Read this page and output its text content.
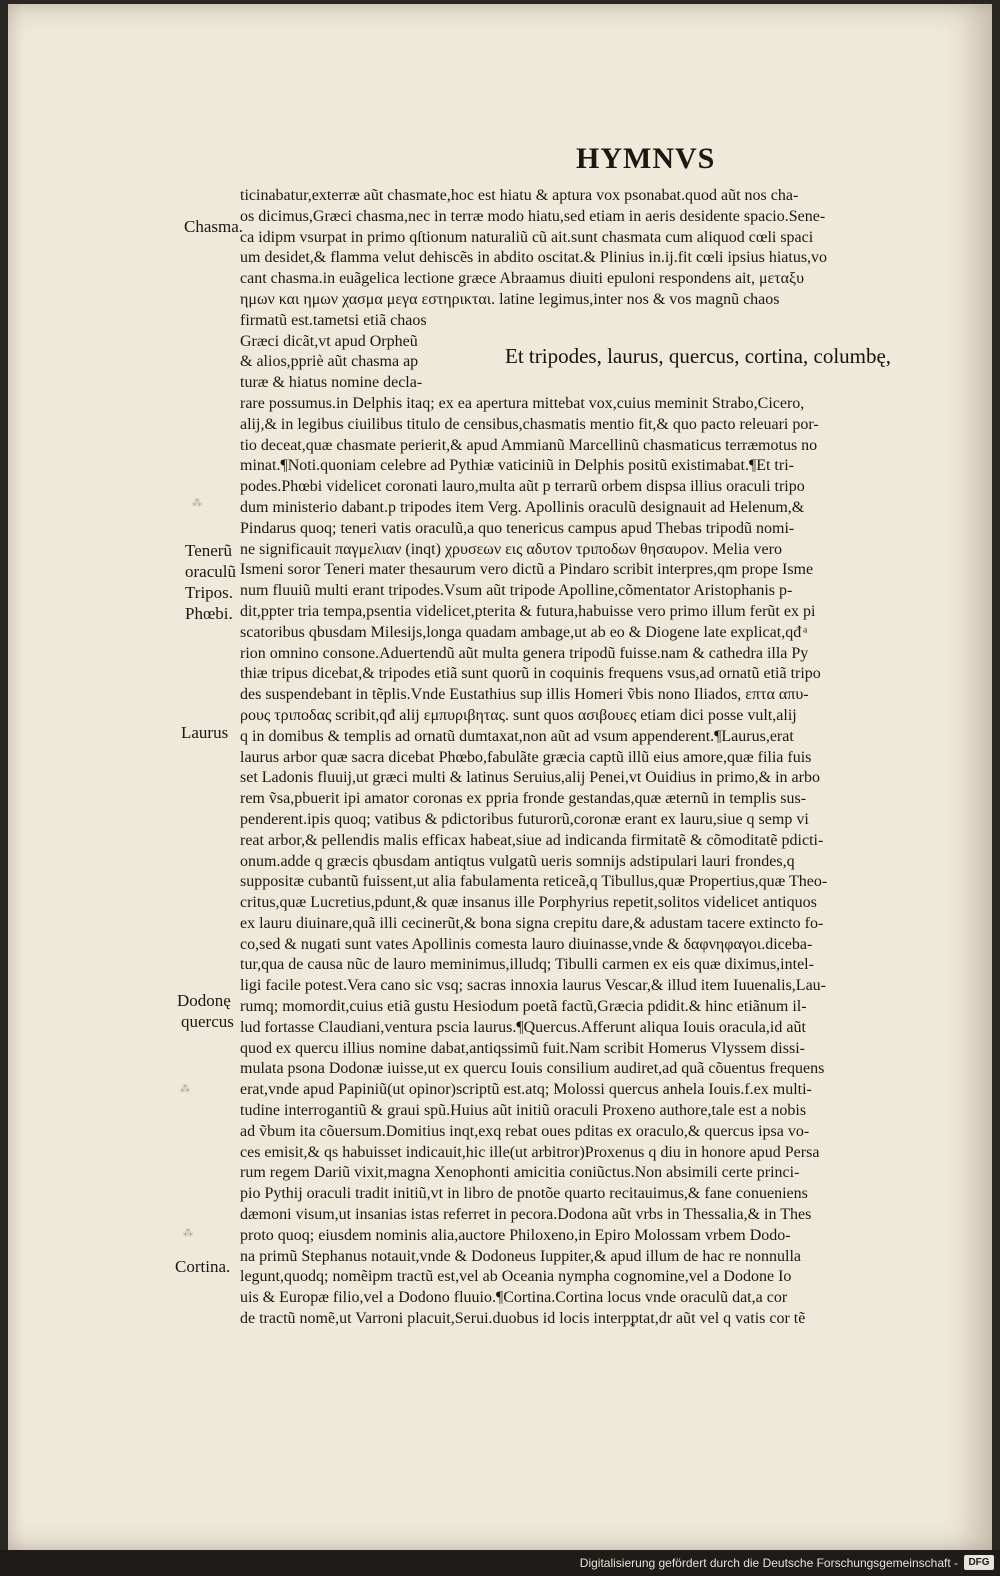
HYMNVS
Et tripodes, laurus, quercus, cortina, columbę,
Chasma.
Tenerũ
oraculũ
Tripos.
Phœbi.
Laurus
Dodonę
quercus
Cortina.
⁂
⁂
⁂
ticinabatur,exterræ aũt chasmate,hoc est hiatu & aptura vox psonabat.quod aũt nos cha-
os dicimus,Græci chasma,nec in terræ modo hiatu,sed etiam in aeris desidente spacio.Sene-
ca idipm vsurpat in primo qſtionum naturaliũ cũ ait.sunt chasmata cum aliquod cœli spaci
um desidet,& flamma velut dehiscẽs in abdito oscitat.& Plinius in.ij.fit cœli ipsius hiatus,vo
cant chasma.in euãgelica lectione græce Abraamus diuiti epuloni respondens ait, μεταξυ
ημων και ημων χασμα μεγα εστηρικται. latine legimus,inter nos & vos magnũ chaos
firmatũ est.tametsi etiã chaos
Græci dicãt,vt apud Orpheũ
& alios,ppriè aũt chasma ap
turæ & hiatus nomine decla-
rare possumus.in Delphis itaq; ex ea apertura mittebat vox,cuius meminit Strabo,Cicero,
alij,& in legibus ciuilibus titulo de censibus,chasmatis mentio fit,& quo pacto releuari por-
tio deceat,quæ chasmate perierit,& apud Ammianũ Marcellinũ chasmaticus terræmotus no
minat.¶Noti.quoniam celebre ad Pythiæ vaticiniũ in Delphis positũ existimabat.¶Et tri-
podes.Phœbi videlicet coronati lauro,multa aũt p terrarũ orbem dispsa illius oraculi tripo
dum ministerio dabant.p tripodes item Verg. Apollinis oraculũ designauit ad Helenum,&
Pindarus quoq; teneri vatis oraculũ,a quo tenericus campus apud Thebas tripodũ nomi-
ne significauit παγμελιαν (inqt) χρυσεων εις αδυτον τριποδων θησαυρον. Melia vero
Ismeni soror Teneri mater thesaurum vero dictũ a Pindaro scribit interpres,qm prope Isme
num fluuiũ multi erant tripodes.Vsum aũt tripode Apolline,cõmentator Aristophanis p-
dit,ppter tria tempa,psentia videlicet,pterita & futura,habuisse vero primo illum ferũt ex pi
scatoribus qbusdam Milesijs,longa quadam ambage,ut ab eo & Diogene late explicat,qđ ͣ
rion omnino consone.Aduertendũ aũt multa genera tripodũ fuisse.nam & cathedra illa Py
thiæ tripus dicebat,& tripodes etiã sunt quorũ in coquinis frequens vsus,ad ornatũ etiã tripo
des suspendebant in tẽplis.Vnde Eustathius sup illis Homeri ṽbis nono Iliados, επτα απυ-
ρους τριποδας scribit,qđ alij εμπυριβητας. sunt quos ασιβουες etiam dici posse vult,alij
q in domibus & templis ad ornatũ dumtaxat,non aũt ad vsum appenderent.¶Laurus,erat
laurus arbor quæ sacra dicebat Phœbo,fabulãte græcia captũ illũ eius amore,quæ filia fuis
set Ladonis fluuij,ut græci multi & latinus Seruius,alij Penei,vt Ouidius in primo,& in arbo
rem ṽsa,pbuerit ipi amator coronas ex ppria fronde gestandas,quæ æternũ in templis sus-
penderent.ipis quoq; vatibus & pdictoribus futurorũ,coronæ erant ex lauru,siue q semp vi
reat arbor,& pellendis malis efficax habeat,siue ad indicanda firmitatẽ & cõmoditatẽ pdicti-
onum.adde q græcis qbusdam antiqtus vulgatũ ueris somnijs adstipulari lauri frondes,q
suppositæ cubantũ fuissent,ut alia fabulamenta reticeã,q Tibullus,quæ Propertius,quæ Theo-
critus,quæ Lucretius,pdunt,& quæ insanus ille Porphyrius repetit,solitos videlicet antiquos
ex lauru diuinare,quã illi cecinerũt,& bona signa crepitu dare,& adustam tacere extincto fo-
co,sed & nugati sunt vates Apollinis comesta lauro diuinasse,vnde & δαφνηφαγοι.diceba-
tur,qua de causa nũc de lauro meminimus,illudq; Tibulli carmen ex eis quæ diximus,intel-
ligi facile potest.Vera cano sic vsq; sacras innoxia laurus Vescar,& illud item Iuuenalis,Lau-
rumq; momordit,cuius etiã gustu Hesiodum poetã factũ,Græcia pdidit.& hinc etiãnum il-
lud fortasse Claudiani,ventura pscia laurus.¶Quercus.Afferunt aliqua Iouis oracula,id aũt
quod ex quercu illius nomine dabat,antiqssimũ fuit.Nam scribit Homerus Vlyssem dissi-
mulata psona Dodonæ iuisse,ut ex quercu Iouis consilium audiret,ad quã cõuentus frequens
erat,vnde apud Papiniũ(ut opinor)scriptũ est.atq; Molossi quercus anhela Iouis.f.ex multi-
tudine interrogantiũ & graui spũ.Huius aũt initiũ oraculi Proxeno authore,tale est a nobis
ad ṽbum ita cõuersum.Domitius inqt,exq rebat oues pditas ex oraculo,& quercus ipsa vo-
ces emisit,& qs habuisset indicauit,hic ille(ut arbitror)Proxenus q diu in honore apud Persa
rum regem Dariũ vixit,magna Xenophonti amicitia coniũctus.Non absimili certe princi-
pio Pythij oraculi tradit initiũ,vt in libro de pnotõe quarto recitauimus,& fane conueniens
dæmoni visum,ut insanias istas referret in pecora.Dodona aũt vrbs in Thessalia,& in Thes
proto quoq; eiusdem nominis alia,auctore Philoxeno,in Epiro Molossam vrbem Dodo-
na primũ Stephanus notauit,vnde & Dodoneus Iuppiter,& apud illum de hac re nonnulla
legunt,quodq; nomẽipm tractũ est,vel ab Oceania nympha cognomine,vel a Dodone Io
uis & Europæ filio,vel a Dodono fluuio.¶Cortina.Cortina locus vnde oraculũ dat,a cor
de tractũ nomẽ,ut Varroni placuit,Serui.duobus id locis interpᵱtat,dr aũt vel q vatis cor tẽ
Digitalisierung gefördert durch die Deutsche Forschungsgemeinschaft -	DFG
